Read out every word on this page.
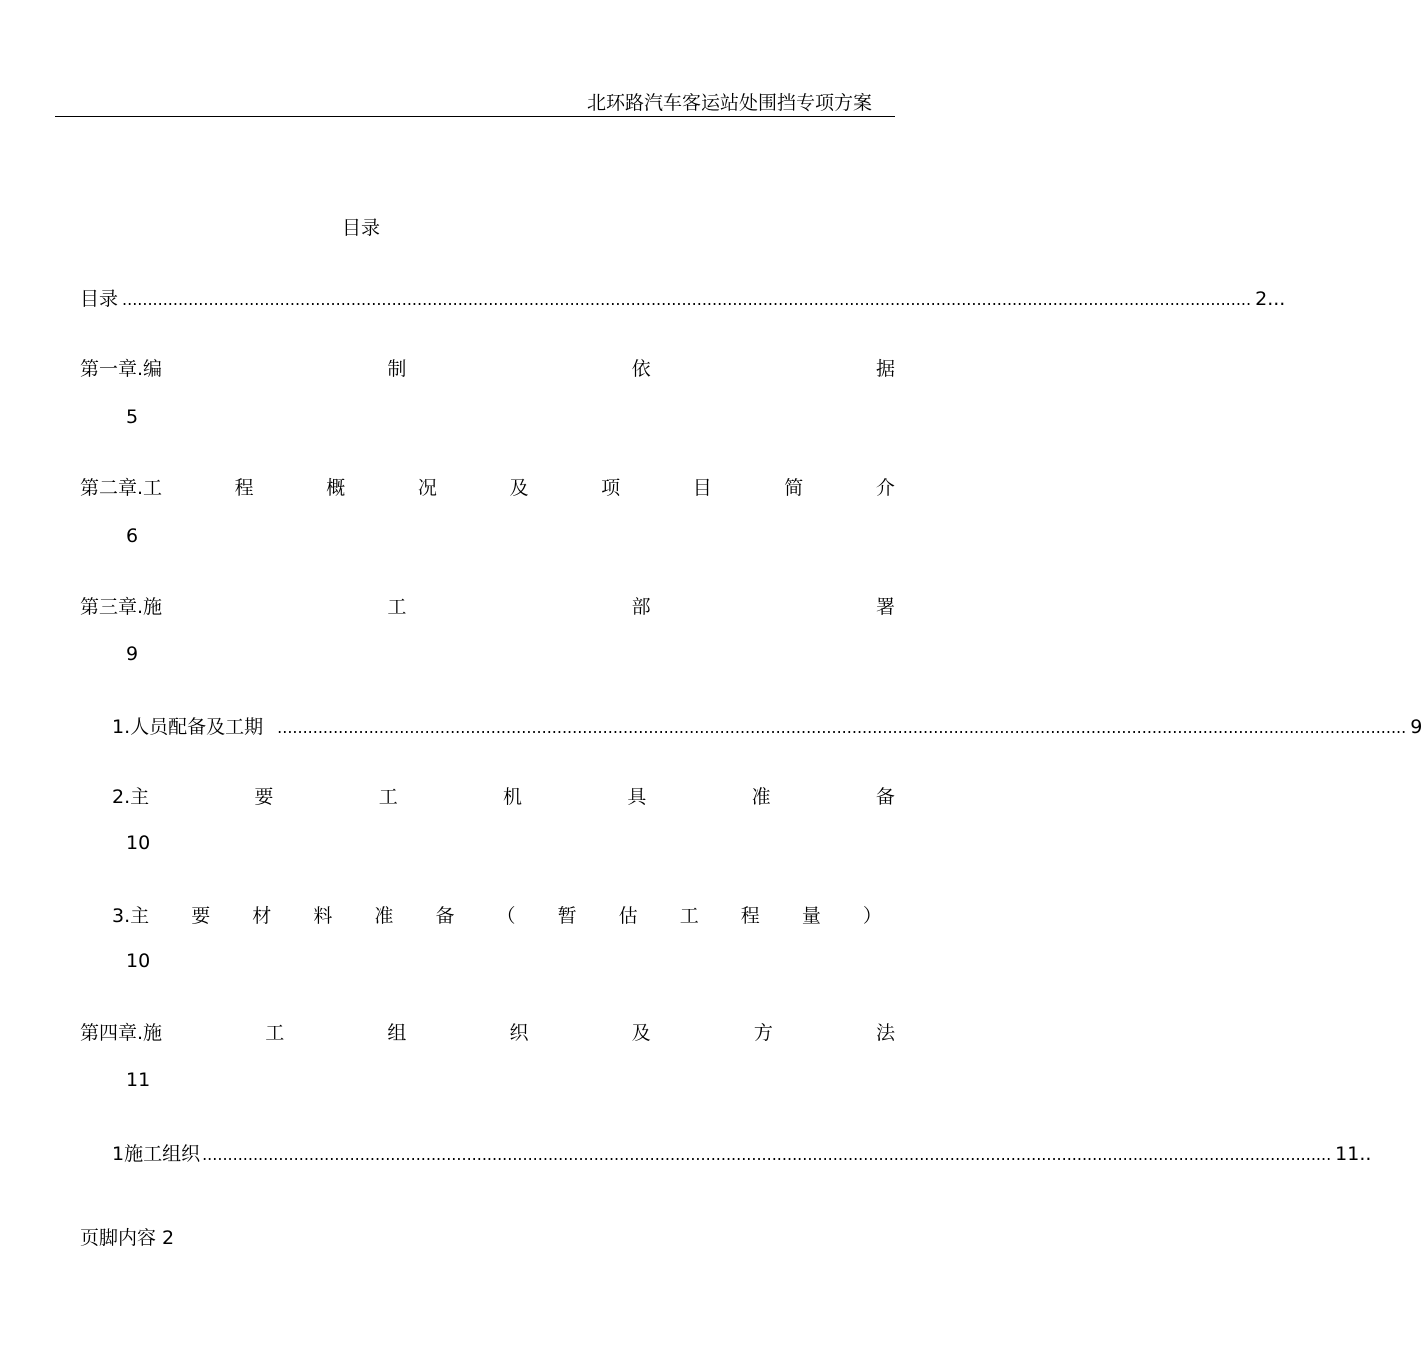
北环路汽车客运站处围挡专项方案
目录
目录 .............................................................................................................................................................................................................................. 2 ...
第一章.编	制	依	据
5
第二章.工	程	概	况	及	项	目	简	介
6
第三章.施	工	部	署
9
1.人员配备及工期 .............................................................................................................................................................................................................................. 9
2.主	要	工	机	具	准	备
10
3.主 要 材 料 准 备 （ 暂 估 工 程 量 ）
10
第四章.施	工	组	织	及	方	法
11
1施工组织 .............................................................................................................................................................................................................................. 11 ..
页脚内容 2
